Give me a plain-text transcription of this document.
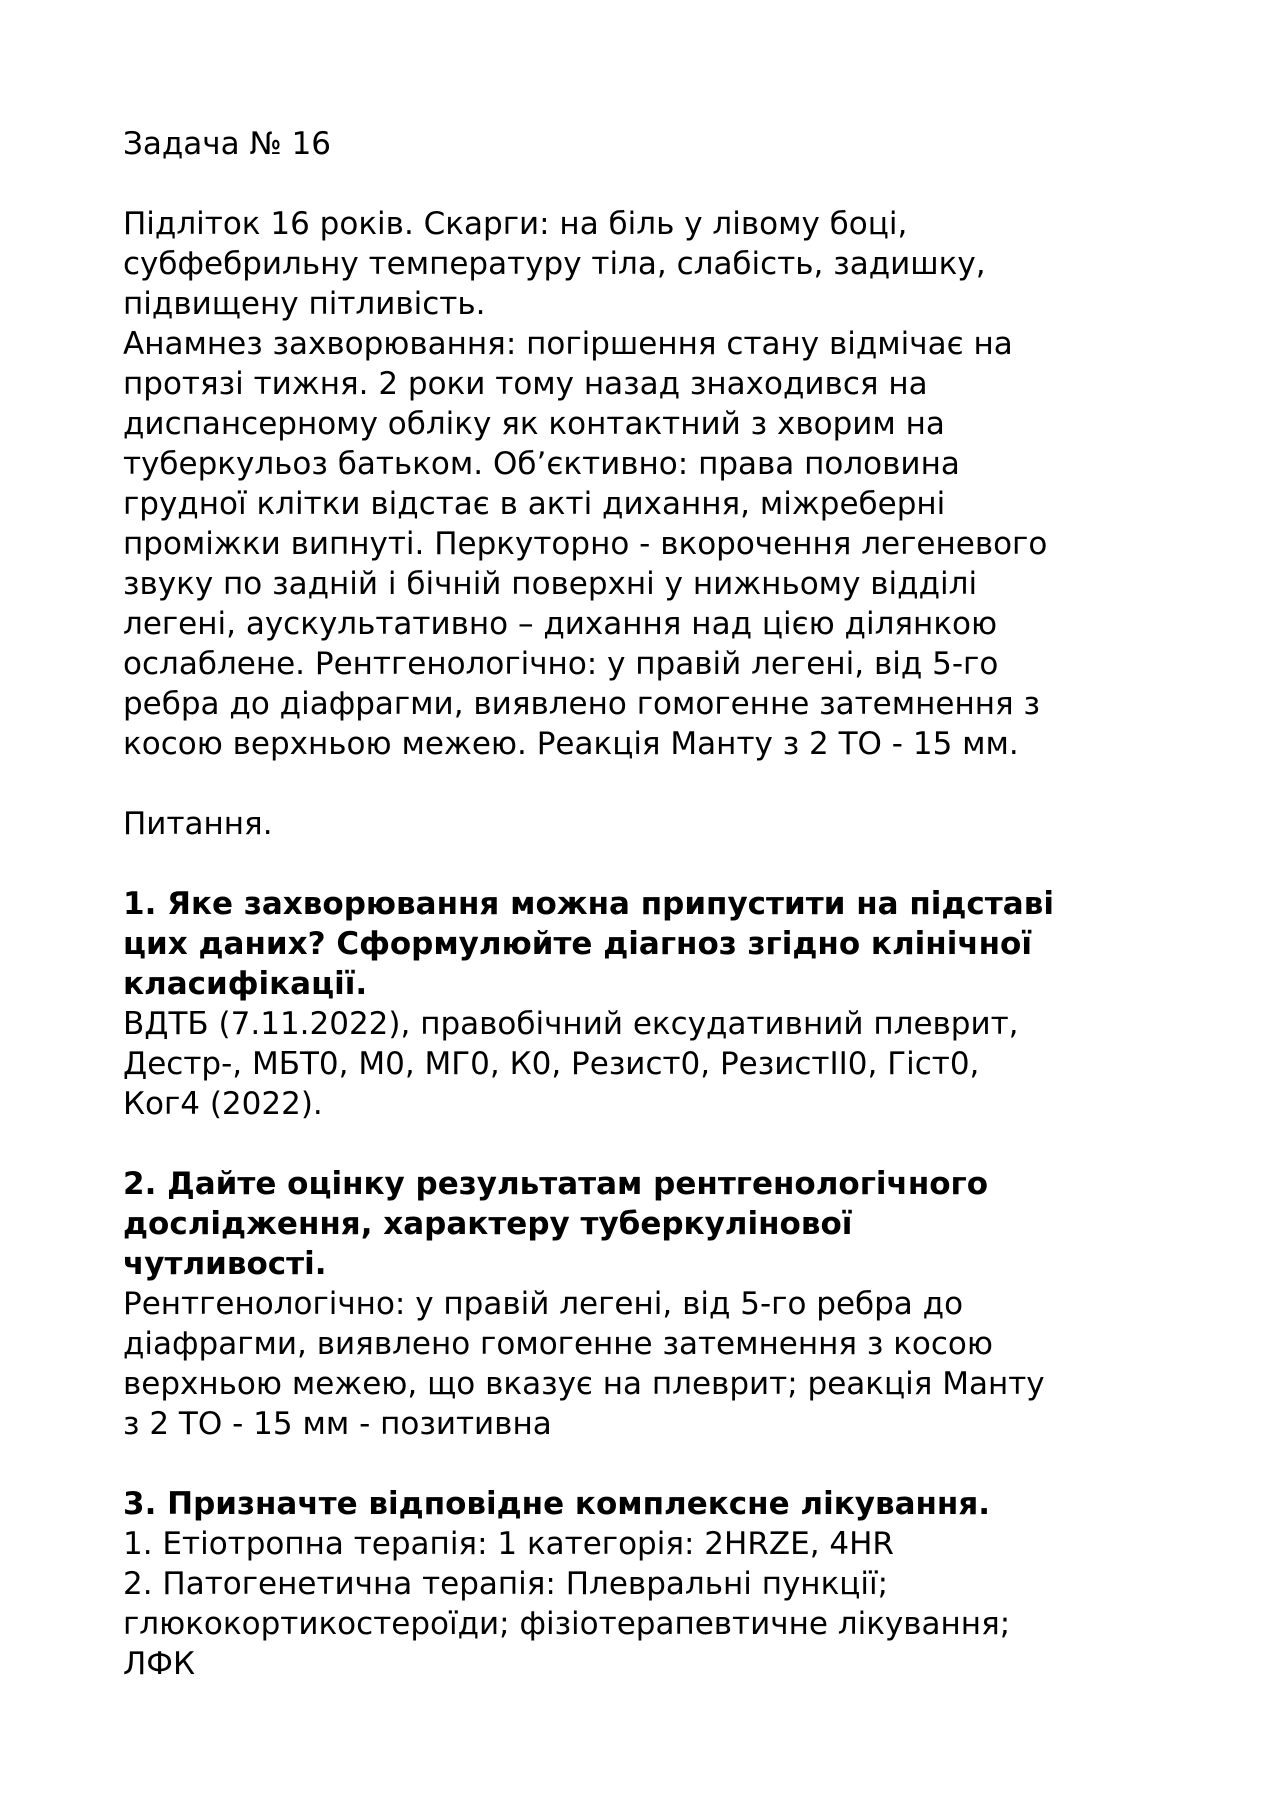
Задача № 16
Підліток 16 років. Скарги: на біль у лівому боці,
субфебрильну температуру тіла, слабість, задишку,
підвищену пітливість.
Анамнез захворювання: погіршення стану відмічає на
протязі тижня. 2 роки тому назад знаходився на
диспансерному обліку як контактний з хворим на
туберкульоз батьком. Об’єктивно: права половина
грудної клітки відстає в акті дихання, міжреберні
проміжки випнуті. Перкуторно - вкорочення легеневого
звуку по задній і бічній поверхні у нижньому відділі
легені, аускультативно – дихання над цією ділянкою
ослаблене. Рентгенологічно: у правій легені, від 5-го
ребра до діафрагми, виявлено гомогенне затемнення з
косою верхньою межею. Реакція Манту з 2 ТО - 15 мм.
Питання.
1. Яке захворювання можна припустити на підставі
цих даних? Сформулюйте діагноз згідно клінічної
класифікації.
ВДТБ (7.11.2022), правобічний ексудативний плеврит,
Дестр-, МБТ0, М0, МГ0, К0, Резист0, РезистІІ0, Гіст0,
Ког4 (2022).
2. Дайте оцінку результатам рентгенологічного
дослідження, характеру туберкулінової
чутливості.
Рентгенологічно: у правій легені, від 5-го ребра до
діафрагми, виявлено гомогенне затемнення з косою
верхньою межею, що вказує на плеврит; реакція Манту
з 2 ТО - 15 мм - позитивна
3. Призначте відповідне комплексне лікування.
1. Етіотропна терапія: 1 категорія: 2HRZE, 4HR
2. Патогенетична терапія: Плевральні пункції;
глюкокортикостероїди; фізіотерапевтичне лікування;
ЛФК
